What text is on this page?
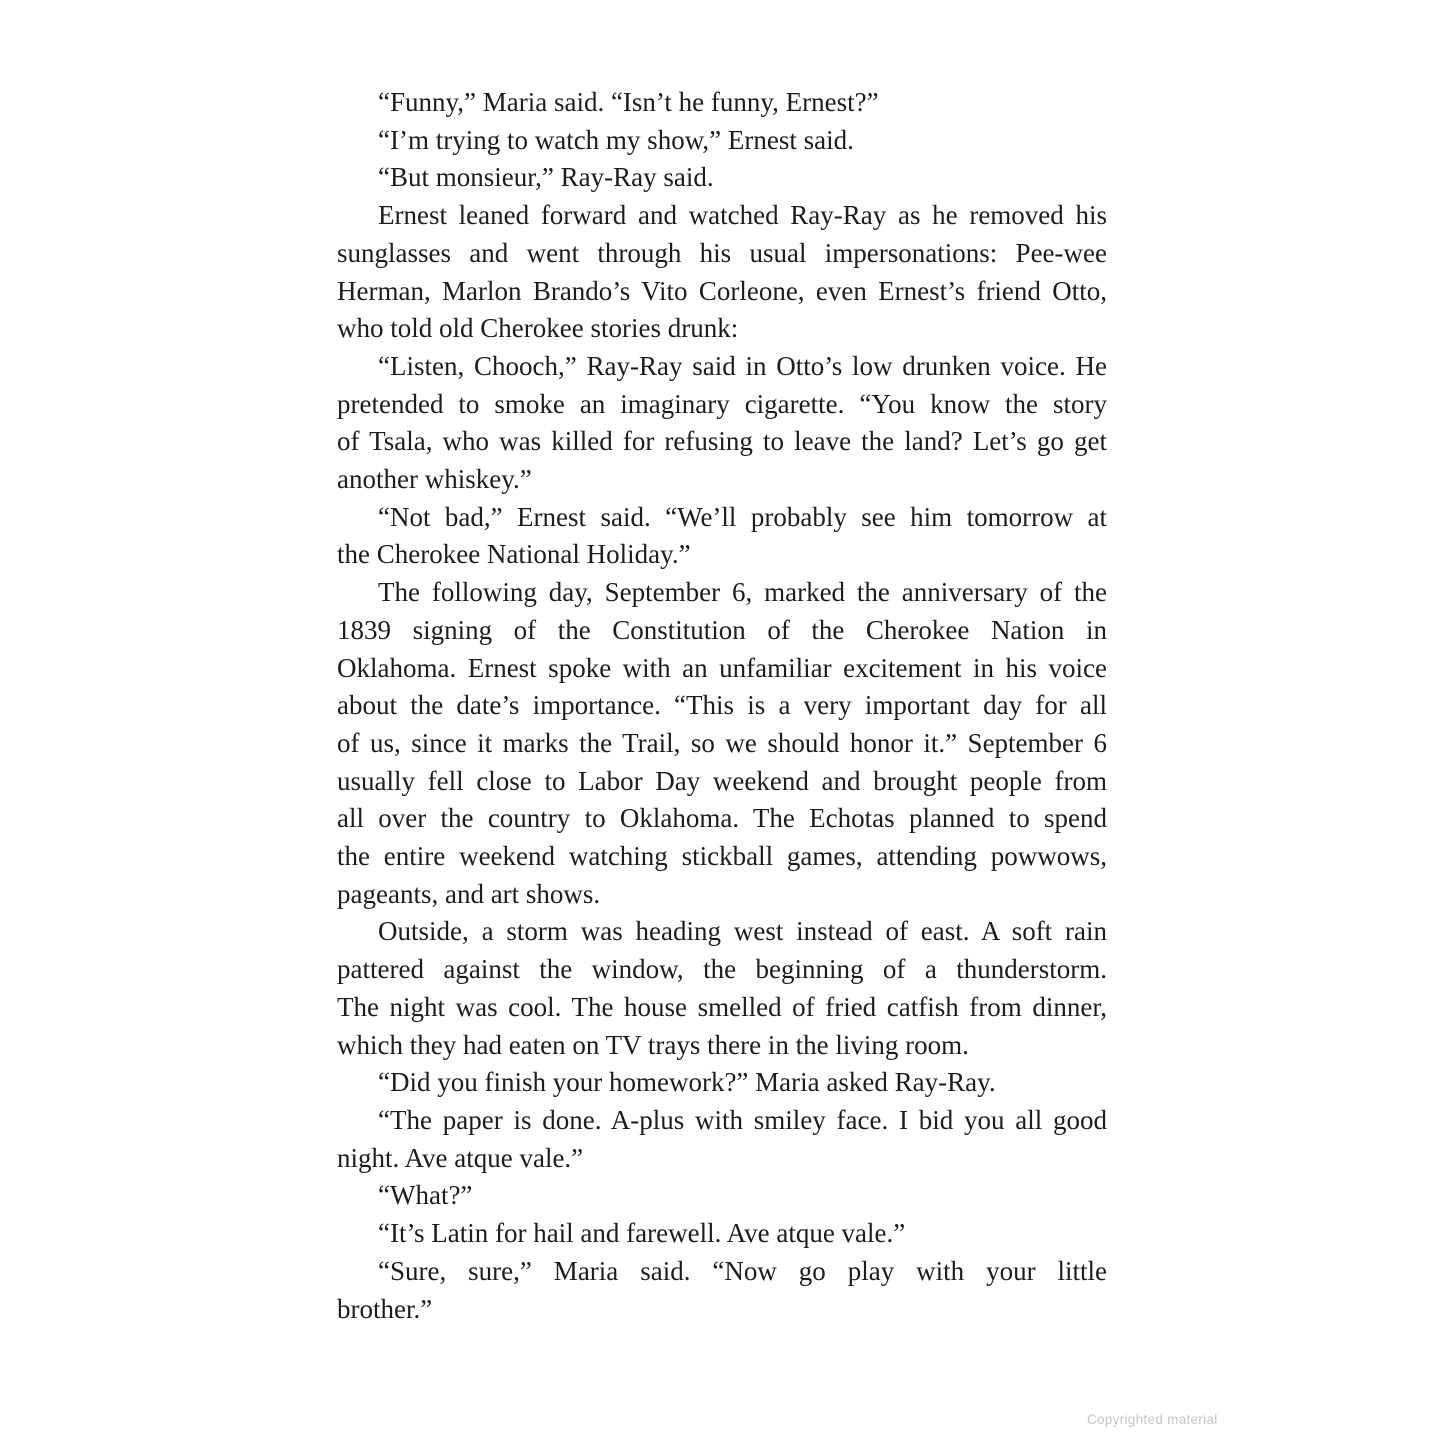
“Funny,” Maria said. “Isn’t he funny, Ernest?”
“I’m trying to watch my show,” Ernest said.
“But monsieur,” Ray-Ray said.
Ernest leaned forward and watched Ray-Ray as he removed his
sunglasses and went through his usual impersonations: Pee-wee
Herman, Marlon Brando’s Vito Corleone, even Ernest’s friend Otto,
who told old Cherokee stories drunk:
“Listen, Chooch,” Ray-Ray said in Otto’s low drunken voice. He
pretended to smoke an imaginary cigarette. “You know the story
of Tsala, who was killed for refusing to leave the land? Let’s go get
another whiskey.”
“Not bad,” Ernest said. “We’ll probably see him tomorrow at
the Cherokee National Holiday.”
The following day, September 6, marked the anniversary of the
1839 signing of the Constitution of the Cherokee Nation in
Oklahoma. Ernest spoke with an unfamiliar excitement in his voice
about the date’s importance. “This is a very important day for all
of us, since it marks the Trail, so we should honor it.” September 6
usually fell close to Labor Day weekend and brought people from
all over the country to Oklahoma. The Echotas planned to spend
the entire weekend watching stickball games, attending powwows,
pageants, and art shows.
Outside, a storm was heading west instead of east. A soft rain
pattered against the window, the beginning of a thunderstorm.
The night was cool. The house smelled of fried catfish from dinner,
which they had eaten on TV trays there in the living room.
“Did you finish your homework?” Maria asked Ray-Ray.
“The paper is done. A-plus with smiley face. I bid you all good
night. Ave atque vale.”
“What?”
“It’s Latin for hail and farewell. Ave atque vale.”
“Sure, sure,” Maria said. “Now go play with your little
brother.”
Copyrighted material
